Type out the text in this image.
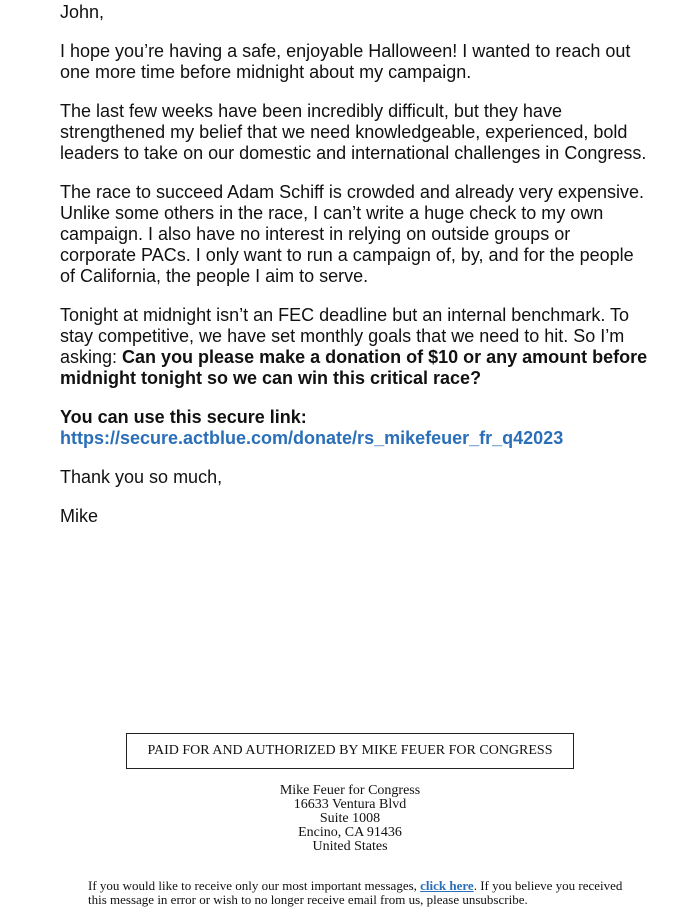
John,

I hope you’re having a safe, enjoyable Halloween! I wanted to reach out one more time before midnight about my campaign.

The last few weeks have been incredibly difficult, but they have strengthened my belief that we need knowledgeable, experienced, bold leaders to take on our domestic and international challenges in Congress.

The race to succeed Adam Schiff is crowded and already very expensive. Unlike some others in the race, I can’t write a huge check to my own campaign. I also have no interest in relying on outside groups or corporate PACs. I only want to run a campaign of, by, and for the people of California, the people I aim to serve.

Tonight at midnight isn’t an FEC deadline but an internal benchmark. To stay competitive, we have set monthly goals that we need to hit. So I’m asking: Can you please make a donation of $10 or any amount before midnight tonight so we can win this critical race?

You can use this secure link:
https://secure.actblue.com/donate/rs_mikefeuer_fr_q42023

Thank you so much,

Mike

PAID FOR AND AUTHORIZED BY MIKE FEUER FOR CONGRESS
Mike Feuer for Congress
16633 Ventura Blvd
Suite 1008
Encino, CA 91436
United States
If you would like to receive only our most important messages, click here. If you believe you received this message in error or wish to no longer receive email from us, please unsubscribe.
